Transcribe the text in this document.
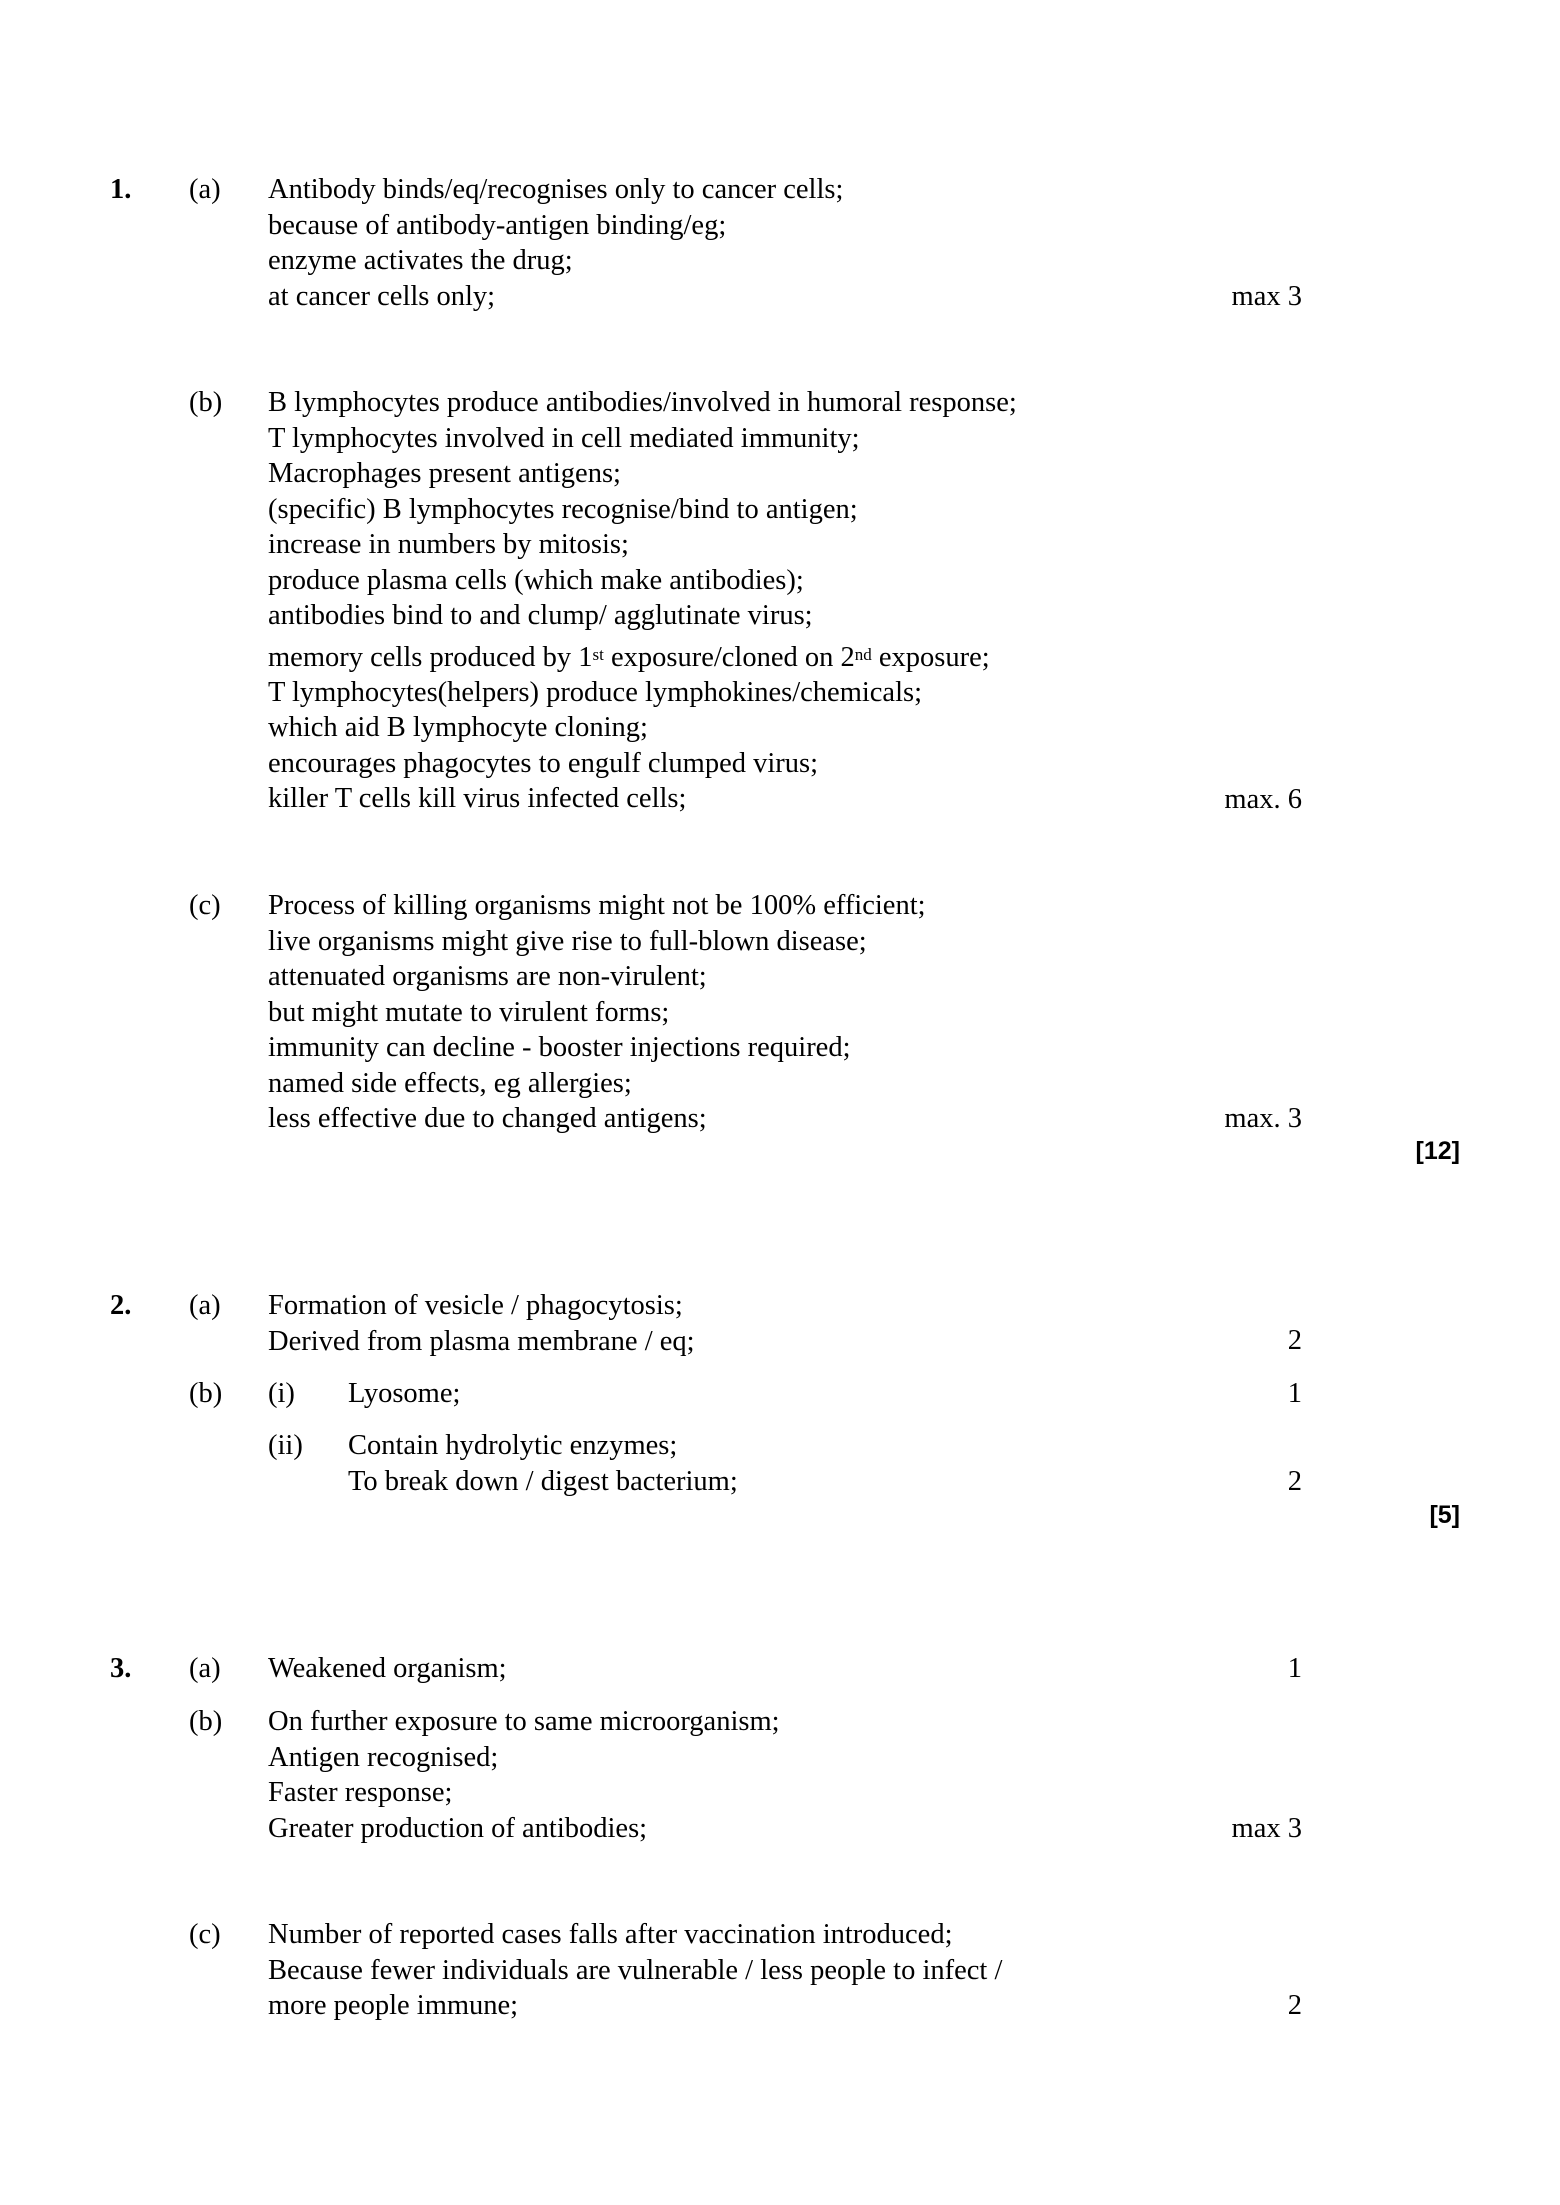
1. (a) Antibody binds/eq/recognises only to cancer cells;
because of antibody-antigen binding/eg;
enzyme activates the drug;
at cancer cells only;	max 3
(b) B lymphocytes produce antibodies/involved in humoral response;
T lymphocytes involved in cell mediated immunity;
Macrophages present antigens;
(specific) B lymphocytes recognise/bind to antigen;
increase in numbers by mitosis;
produce plasma cells (which make antibodies);
antibodies bind to and clump/ agglutinate virus;
memory cells produced by 1st exposure/cloned on 2nd exposure;
T lymphocytes(helpers) produce lymphokines/chemicals;
which aid B lymphocyte cloning;
encourages phagocytes to engulf clumped virus;
killer T cells kill virus infected cells;	max. 6
(c) Process of killing organisms might not be 100% efficient;
live organisms might give rise to full-blown disease;
attenuated organisms are non-virulent;
but might mutate to virulent forms;
immunity can decline - booster injections required;
named side effects, eg allergies;
less effective due to changed antigens;	max. 3
[12]
2. (a) Formation of vesicle / phagocytosis;
Derived from plasma membrane / eq;	2
(b) (i) Lyosome;	1
(ii) Contain hydrolytic enzymes;
To break down / digest bacterium;	2
[5]
3. (a) Weakened organism;	1
(b) On further exposure to same microorganism;
Antigen recognised;
Faster response;
Greater production of antibodies;	max 3
(c) Number of reported cases falls after vaccination introduced;
Because fewer individuals are vulnerable / less people to infect /
more people immune;	2
